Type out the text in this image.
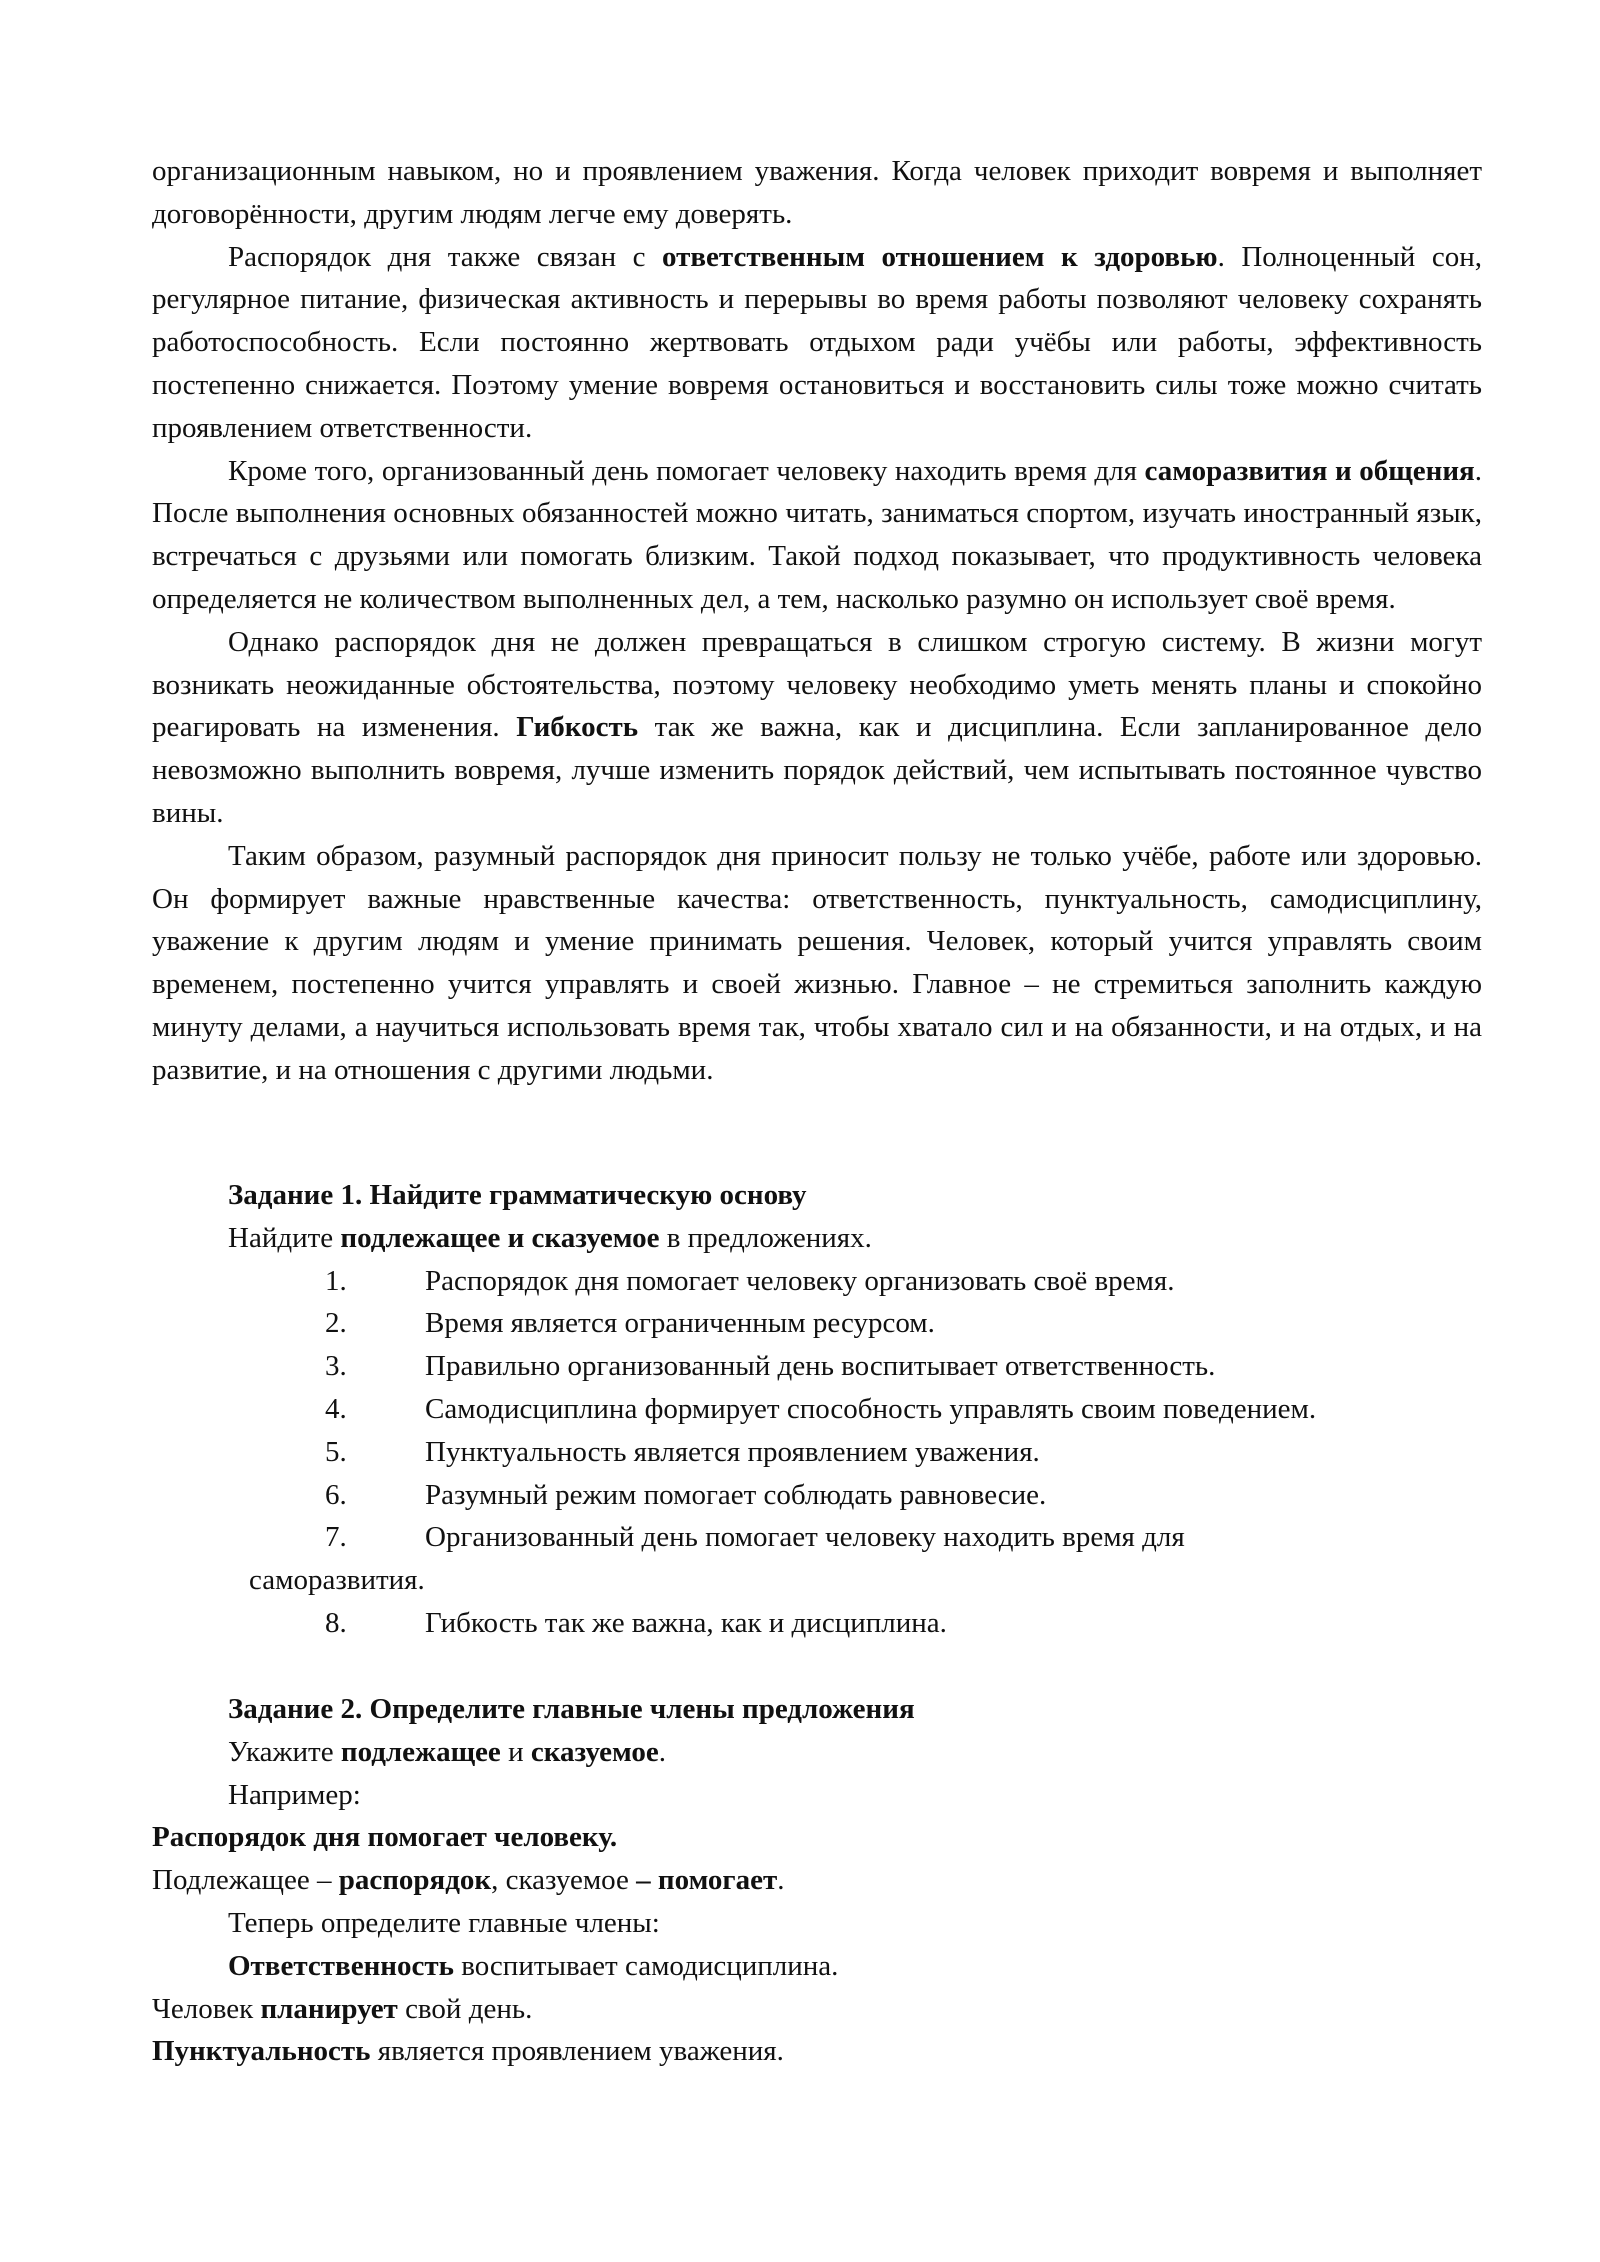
организационным навыком, но и проявлением уважения. Когда человек приходит вовремя и выполняет договорённости, другим людям легче ему доверять.

Распорядок дня также связан с ответственным отношением к здоровью. Полноценный сон, регулярное питание, физическая активность и перерывы во время работы позволяют человеку сохранять работоспособность. Если постоянно жертвовать отдыхом ради учёбы или работы, эффективность постепенно снижается. Поэтому умение вовремя остановиться и восстановить силы тоже можно считать проявлением ответственности.

Кроме того, организованный день помогает человеку находить время для саморазвития и общения. После выполнения основных обязанностей можно читать, заниматься спортом, изучать иностранный язык, встречаться с друзьями или помогать близким. Такой подход показывает, что продуктивность человека определяется не количеством выполненных дел, а тем, насколько разумно он использует своё время.

Однако распорядок дня не должен превращаться в слишком строгую систему. В жизни могут возникать неожиданные обстоятельства, поэтому человеку необходимо уметь менять планы и спокойно реагировать на изменения. Гибкость так же важна, как и дисциплина. Если запланированное дело невозможно выполнить вовремя, лучше изменить порядок действий, чем испытывать постоянное чувство вины.

Таким образом, разумный распорядок дня приносит пользу не только учёбе, работе или здоровью. Он формирует важные нравственные качества: ответственность, пунктуальность, самодисциплину, уважение к другим людям и умение принимать решения. Человек, который учится управлять своим временем, постепенно учится управлять и своей жизнью. Главное – не стремиться заполнить каждую минуту делами, а научиться использовать время так, чтобы хватало сил и на обязанности, и на отдых, и на развитие, и на отношения с другими людьми.

Задание 1. Найдите грамматическую основу

Найдите подлежащее и сказуемое в предложениях.

1.	Распорядок дня помогает человеку организовать своё время.

2.	Время является ограниченным ресурсом.

3.	Правильно организованный день воспитывает ответственность.

4.	Самодисциплина формирует способность управлять своим поведением.

5.	Пунктуальность является проявлением уважения.

6.	Разумный режим помогает соблюдать равновесие.

7.	Организованный день помогает человеку находить время для

саморазвития.

8.	Гибкость так же важна, как и дисциплина.

Задание 2. Определите главные члены предложения

Укажите подлежащее и сказуемое.

Например:

Распорядок дня помогает человеку.

Подлежащее – распорядок, сказуемое – помогает.

Теперь определите главные члены:

Ответственность воспитывает самодисциплина.

Человек планирует свой день.

Пунктуальность является проявлением уважения.
